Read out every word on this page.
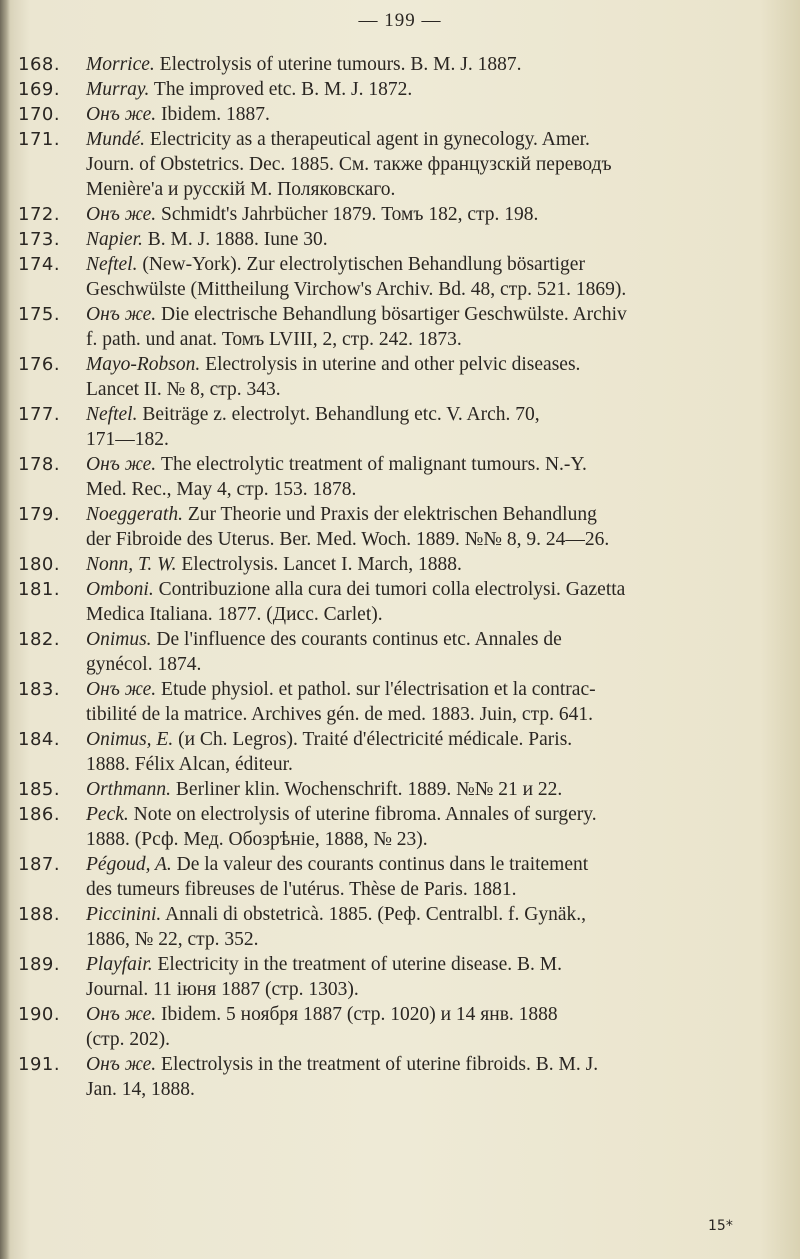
— 199 —
168.	Morrice. Electrolysis of uterine tumours. B. M. J. 1887.
169.	Murray. The improved etc. B. M. J. 1872.
170.	Онъ же. Ibidem. 1887.
171.	Mundé. Electricity as a therapeutical agent in gynecology. Amer.
Journ. of Obstetrics. Dec. 1885. См. также французскій переводъ
Menière'а и русскій М. Поляковскаго.
172.	Онъ же. Schmidt's Jahrbücher 1879. Томъ 182, стр. 198.
173.	Napier. B. M. J. 1888. Iune 30.
174.	Neftel. (New-York). Zur electrolytischen Behandlung bösartiger
Geschwülste (Mittheilung Virchow's Archiv. Bd. 48, стр. 521. 1869).
175.	Онъ же. Die electrische Behandlung bösartiger Geschwülste. Archiv
f. path. und anat. Томъ LVIII, 2, стр. 242. 1873.
176.	Mayo-Robson. Electrolysis in uterine and other pelvic diseases.
Lancet II. № 8, стр. 343.
177.	Neftel. Beiträge z. electrolyt. Behandlung etc. V. Arch. 70,
171—182.
178.	Онъ же. The electrolytic treatment of malignant tumours. N.-Y.
Med. Rec., May 4, стр. 153. 1878.
179.	Noeggerath. Zur Theorie und Praxis der elektrischen Behandlung
der Fibroide des Uterus. Ber. Med. Woch. 1889. №№ 8, 9. 24—26.
180.	Nonn, T. W. Electrolysis. Lancet I. March, 1888.
181.	Omboni. Contribuzione alla cura dei tumori colla electrolysi. Gazetta
Medica Italiana. 1877. (Дисс. Carlet).
182.	Onimus. De l'influence des courants continus etc. Annales de
gynécol. 1874.
183.	Онъ же. Etude physiol. et pathol. sur l'électrisation et la contrac-
tibilité de la matrice. Archives gén. de med. 1883. Juin, стр. 641.
184.	Onimus, E. (и Ch. Legros). Traité d'électricité médicale. Paris.
1888. Félix Alcan, éditeur.
185.	Orthmann. Berliner klin. Wochenschrift. 1889. №№ 21 и 22.
186.	Peck. Note on electrolysis of uterine fibroma. Annales of surgery.
1888. (Рсф. Мед. Обозрѣніе, 1888, № 23).
187.	Pégoud, A. De la valeur des courants continus dans le traitement
des tumeurs fibreuses de l'utérus. Thèse de Paris. 1881.
188.	Piccinini. Annali di obstetricà. 1885. (Реф. Centralbl. f. Gynäk.,
1886, № 22, стр. 352.
189.	Playfair. Electricity in the treatment of uterine disease. B. M.
Journal. 11 іюня 1887 (стр. 1303).
190.	Онъ же. Ibidem. 5 ноября 1887 (стр. 1020) и 14 янв. 1888
(стр. 202).
191.	Онъ же. Electrolysis in the treatment of uterine fibroids. B. M. J.
Jan. 14, 1888.
15*
